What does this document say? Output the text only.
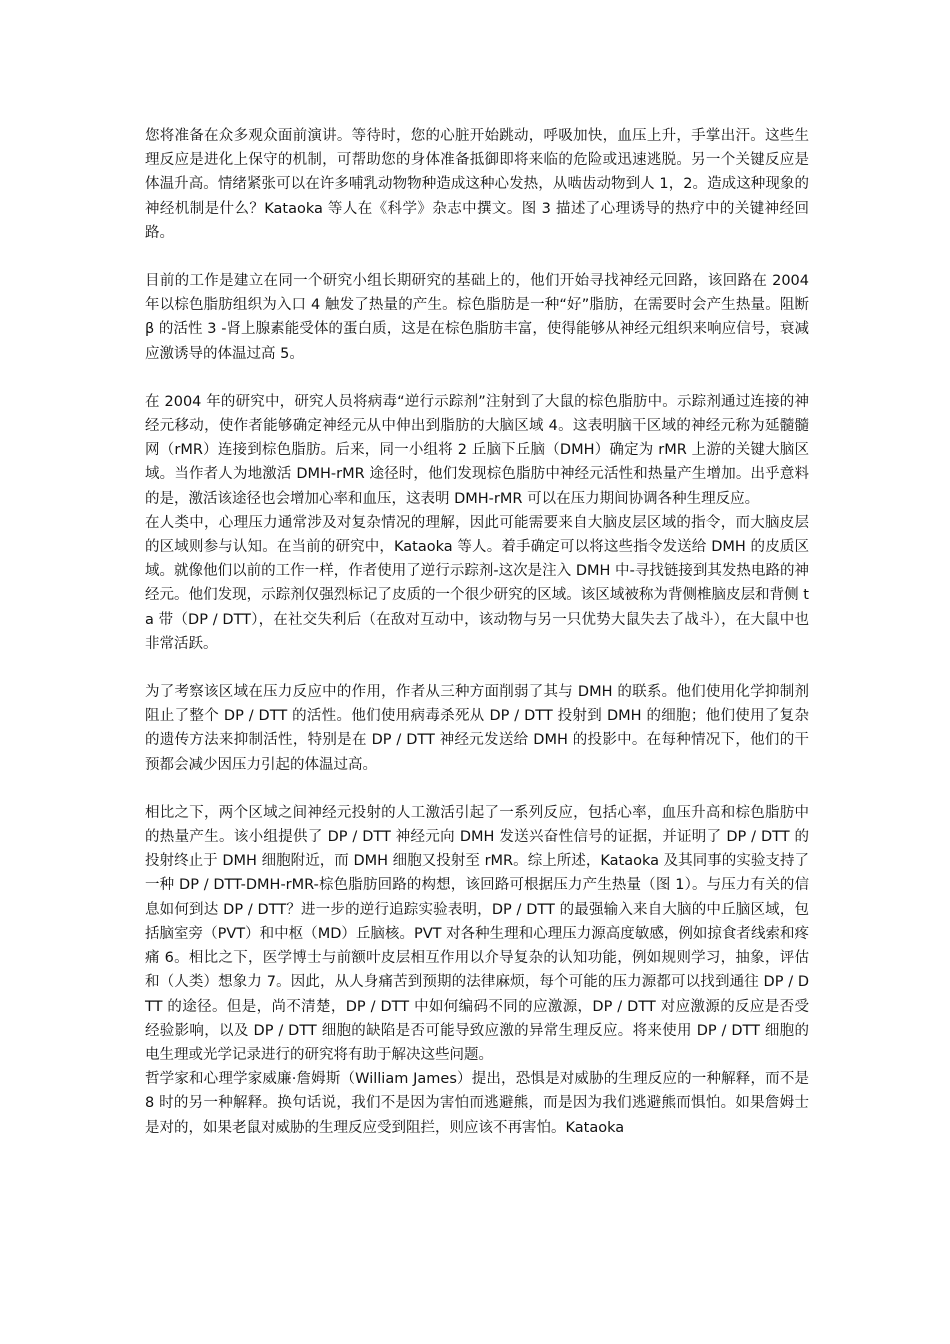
您将准备在众多观众面前演讲。等待时，您的心脏开始跳动，呼吸加快，血压上升，手掌出汗。这些生理反应是进化上保守的机制，可帮助您的身体准备抵御即将来临的危险或迅速逃脱。另一个关键反应是体温升高。情绪紧张可以在许多哺乳动物物种造成这种心发热，从啮齿动物到人 1，2。造成这种现象的神经机制是什么？Kataoka 等人在《科学》杂志中撰文。图 3 描述了心理诱导的热疗中的关键神经回路。

目前的工作是建立在同一个研究小组长期研究的基础上的，他们开始寻找神经元回路，该回路在 2004 年以棕色脂肪组织为入口 4 触发了热量的产生。棕色脂肪是一种“好”脂肪，在需要时会产生热量。阻断 β 的活性 3 -肾上腺素能受体的蛋白质，这是在棕色脂肪丰富，使得能够从神经元组织来响应信号，衰减应激诱导的体温过高 5。

在 2004 年的研究中，研究人员将病毒“逆行示踪剂”注射到了大鼠的棕色脂肪中。示踪剂通过连接的神经元移动，使作者能够确定神经元从中伸出到脂肪的大脑区域 4。这表明脑干区域的神经元称为延髓髓网（rMR）连接到棕色脂肪。后来，同一小组将 2 丘脑下丘脑（DMH）确定为 rMR 上游的关键大脑区域。当作者人为地激活 DMH-rMR 途径时，他们发现棕色脂肪中神经元活性和热量产生增加。出乎意料的是，激活该途径也会增加心率和血压，这表明 DMH-rMR 可以在压力期间协调各种生理反应。

在人类中，心理压力通常涉及对复杂情况的理解，因此可能需要来自大脑皮层区域的指令，而大脑皮层的区域则参与认知。在当前的研究中，Kataoka 等人。着手确定可以将这些指令发送给 DMH 的皮质区域。就像他们以前的工作一样，作者使用了逆行示踪剂-这次是注入 DMH 中-寻找链接到其发热电路的神经元。他们发现，示踪剂仅强烈标记了皮质的一个很少研究的区域。该区域被称为背侧椎脑皮层和背侧 ta 带（DP / DTT），在社交失利后（在敌对互动中，该动物与另一只优势大鼠失去了战斗），在大鼠中也非常活跃。

为了考察该区域在压力反应中的作用，作者从三种方面削弱了其与 DMH 的联系。他们使用化学抑制剂阻止了整个 DP / DTT 的活性。他们使用病毒杀死从 DP / DTT 投射到 DMH 的细胞；他们使用了复杂的遗传方法来抑制活性，特别是在 DP / DTT 神经元发送给 DMH 的投影中。在每种情况下，他们的干预都会减少因压力引起的体温过高。

相比之下，两个区域之间神经元投射的人工激活引起了一系列反应，包括心率，血压升高和棕色脂肪中的热量产生。该小组提供了 DP / DTT 神经元向 DMH 发送兴奋性信号的证据，并证明了 DP / DTT 的投射终止于 DMH 细胞附近，而 DMH 细胞又投射至 rMR。综上所述，Kataoka 及其同事的实验支持了一种 DP / DTT-DMH-rMR-棕色脂肪回路的构想，该回路可根据压力产生热量（图 1）。与压力有关的信息如何到达 DP / DTT？进一步的逆行追踪实验表明，DP / DTT 的最强输入来自大脑的中丘脑区域，包括脑室旁（PVT）和中枢（MD）丘脑核。PVT 对各种生理和心理压力源高度敏感，例如掠食者线索和疼痛 6。相比之下，医学博士与前额叶皮层相互作用以介导复杂的认知功能，例如规则学习，抽象，评估和（人类）想象力 7。因此，从人身痛苦到预期的法律麻烦，每个可能的压力源都可以找到通往 DP / DTT 的途径。但是，尚不清楚，DP / DTT 中如何编码不同的应激源，DP / DTT 对应激源的反应是否受经验影响，以及 DP / DTT 细胞的缺陷是否可能导致应激的异常生理反应。将来使用 DP / DTT 细胞的电生理或光学记录进行的研究将有助于解决这些问题。

哲学家和心理学家威廉·詹姆斯（William James）提出，恐惧是对威胁的生理反应的一种解释，而不是 8 时的另一种解释。换句话说，我们不是因为害怕而逃避熊，而是因为我们逃避熊而惧怕。如果詹姆士是对的，如果老鼠对威胁的生理反应受到阻拦，则应该不再害怕。Kataoka
